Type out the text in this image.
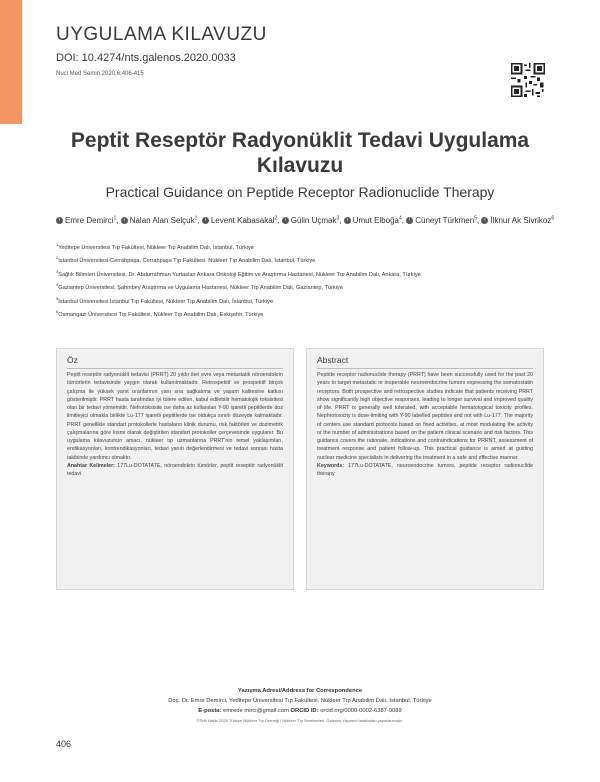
UYGULAMA KILAVUZU
DOI: 10.4274/nts.galenos.2020.0033
Nucl Med Semin 2020;6:406-415
Peptit Reseptör Radyonüklit Tedavi Uygulama Kılavuzu
Practical Guidance on Peptide Receptor Radionuclide Therapy
i Emre Demirci$^1$, i Nalan Alan Selçuk$^1$, i Levent Kabasakal$^2$, i Gülin Uçmak$^3$, i Umut Elboğa$^4$, i Cüneyt Türkmen$^5$, i İlknur Ak Sivrikoz$^6$
$^1$Yeditepe Üniversitesi Tıp Fakültesi, Nükleer Tıp Anabilim Dalı, İstanbul, Türkiye
$^2$İstanbul Üniversitesi-Cerrahpaşa, Cerrahpaşa Tıp Fakültesi, Nükleer Tıp Anabilim Dalı, İstanbul, Türkiye
$^3$Sağlık Bilimleri Üniversitesi, Dr. Abdurrahman Yurtaslan Ankara Onkoloji Eğitim ve Araştırma Hastanesi, Nükleer Tıp Anabilim Dalı, Ankara, Türkiye
$^4$Gaziantep Üniversitesi, Şahinbey Araştırma ve Uygulama Hastanesi, Nükleer Tıp Anabilim Dalı, Gaziantep, Türkiye
$^5$İstanbul Üniversitesi İstanbul Tıp Fakültesi, Nükleer Tıp Anabilim Dalı, İstanbul, Türkiye
$^6$Osmangazi Üniversitesi Tıp Fakültesi, Nükleer Tıp Anabilim Dalı, Eskişehir, Türkiye
Öz
Peptit reseptör radyonüklit tedavisi (PRRT) 20 yıldır ileri evre veya metastatik nöroendokrin tümörlerin tedavisinde yaygın olarak kullanılmaktadır. Retrospektif ve prospektif birçok çalışma ile yüksek yanıt oranlarının yanı sıra sağkalıma ve yaşam kalitesine katkısı gösterilmiştir. PRRT hasta tarafından iyi tolere edilen, kabul edilebilir hematolojik toksisitesi olan bir tedavi yöntemidir. Nefrotoksisite ise daha az kullanılan Y-90 işaretli peptitlerde doz limitleyici olmakla birlikte Lu-177 işaretli peptitlerde ise oldukça sınırlı düzeyde kalmaktadır. PRRT genellikle standart protokollerle hastaların klinik durumu, risk faktörleri ve dozimetrik çalışmalarına göre kısmi olarak değiştirilen standart protokoller çerçevesinde uygulanır. Bu uygulama kılavuzunun amacı, nükleer tıp uzmanlarına PRRT'nin temel yaklaşımları, endikasyonları, kontrendikasyonları, tedavi yanıtı değerlendirmesi ve tedavi sonrası hasta takibinde yardımcı olmaktır.
Anahtar Kelimeler: 177Lu-DOTATATE, nöroendokrin tümörler, peptit reseptör radyonüklit tedavi
Abstract
Peptide receptor radionuclide therapy (PRRT) have been successfully used for the past 20 years to target metastatic or inoperable neuroendocrine tumors expressing the somatostatin receptors. Both prospective and retrospective studies indicate that patients receiving PRRT show significantly high objective responses, leading to longer survival and improved quality of life. PRRT is generally well tolerated, with acceptable hematological toxicity profiles. Nephrotoxicity is dose-limiting with Y-90 labelled peptides and not with Lu-177. The majority of centers use standard protocols based on fixed activities, at most modulating the activity or the number of administrations based on the patient clinical scenario and risk factors. This guidance covers the rationale, indications and contraindications for PRRNT, assessment of treatment response and patient follow-up. This practical guidance is aimed at guiding nuclear medicine specialists in delivering the treatment in a safe and effective manner.
Keywords: 177Lu-DOTATATE, neuroendocrine tumors, peptide receptor radionuclide therapy
Yazışma Adresi/Address for Correspondence
Doç. Dr. Emre Demirci, Yeditepe Üniversitesi Tıp Fakültesi, Nükleer Tıp Anabilim Dalı, İstanbul, Türkiye
E-posta: emrede mirci@gmail.com ORCID ID: orcid.org/0000-0002-6387-9089
©Telif Hakkı 2020 Türkiye Nükleer Tıp Derneği / Nükleer Tıp Seminerleri, Galenos Yayınevi tarafından yayınlanmıştır.
406
